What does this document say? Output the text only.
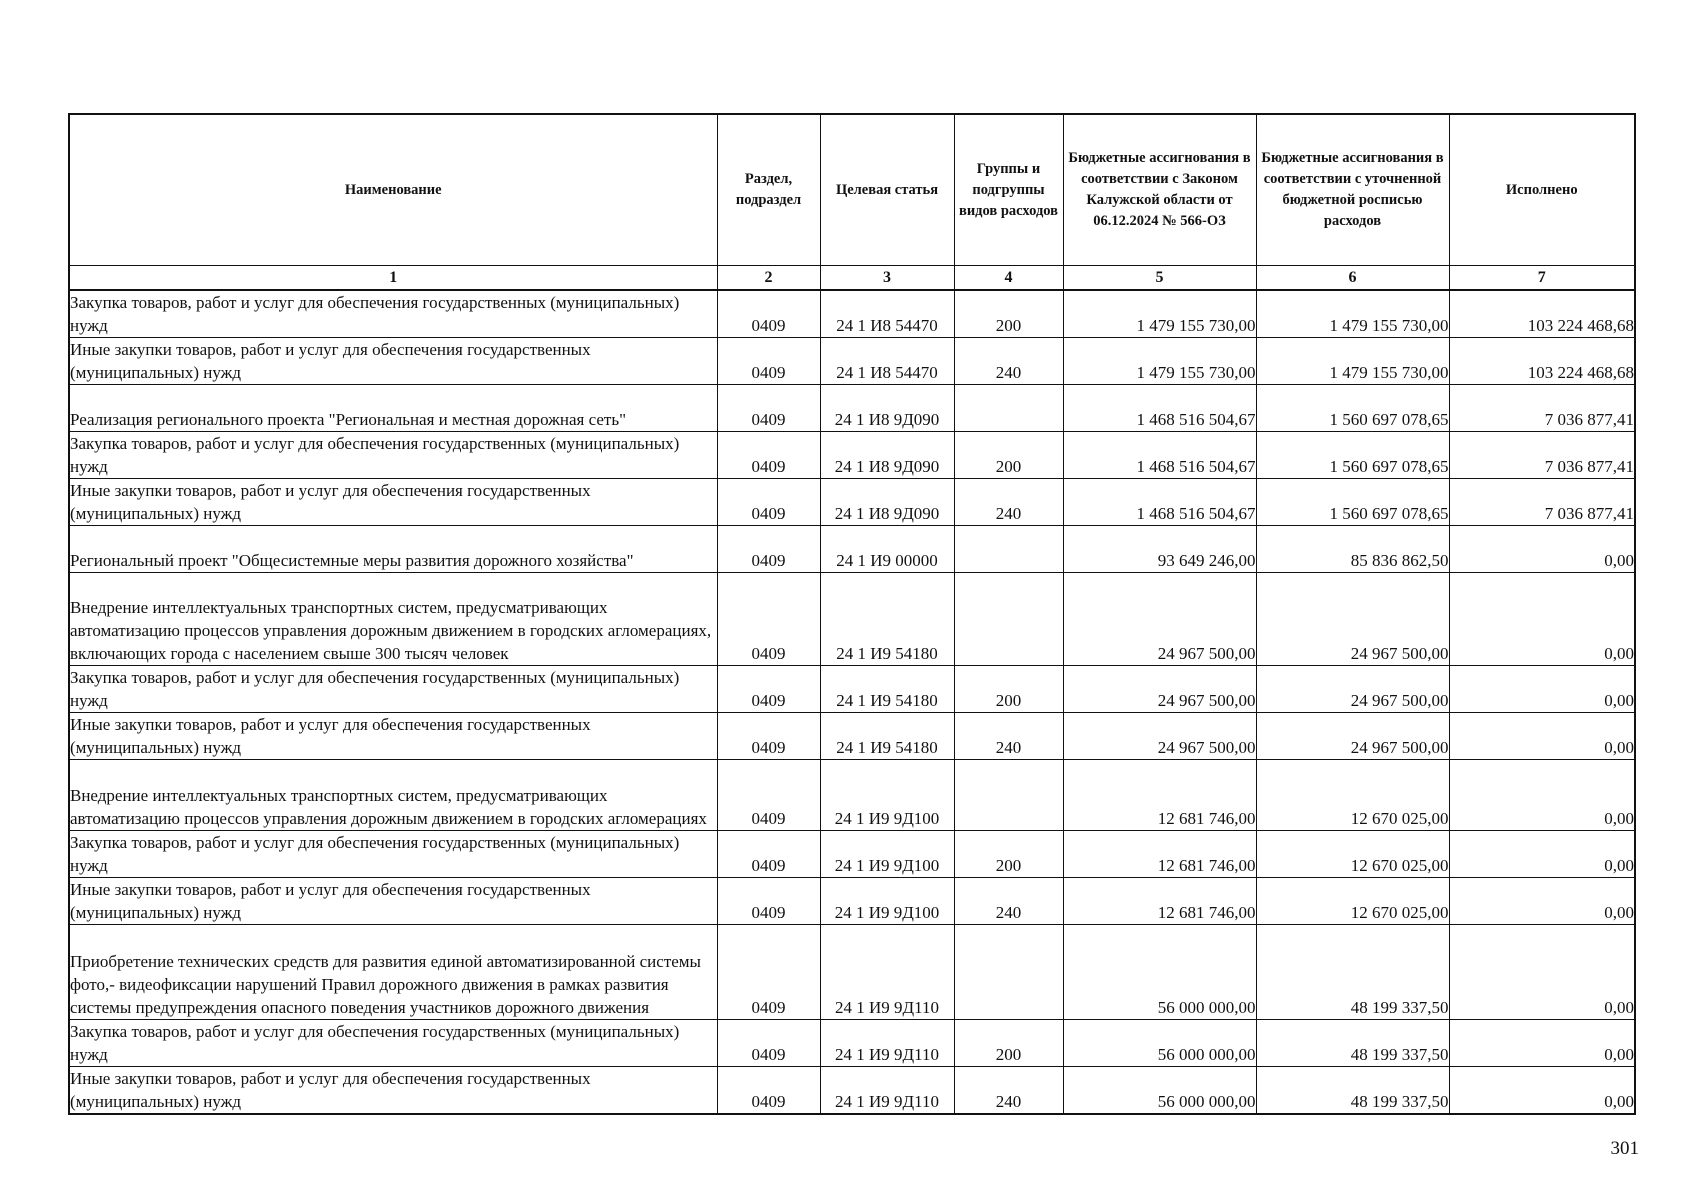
Наименование	Раздел, подраздел	Целевая статья	Группы и подгруппы видов расходов	Бюджетные ассигнования в соответствии с Законом Калужской области от 06.12.2024 № 566-ОЗ	Бюджетные ассигнования в соответствии с уточненной бюджетной росписью расходов	Исполнено
1	2	3	4	5	6	7
Закупка товаров, работ и услуг для обеспечения государственных (муниципальных) нужд	0409	24 1 И8 54470	200	1 479 155 730,00	1 479 155 730,00	103 224 468,68
Иные закупки товаров, работ и услуг для обеспечения государственных (муниципальных) нужд	0409	24 1 И8 54470	240	1 479 155 730,00	1 479 155 730,00	103 224 468,68
Реализация регионального проекта "Региональная и местная дорожная сеть"	0409	24 1 И8 9Д090		1 468 516 504,67	1 560 697 078,65	7 036 877,41
Закупка товаров, работ и услуг для обеспечения государственных (муниципальных) нужд	0409	24 1 И8 9Д090	200	1 468 516 504,67	1 560 697 078,65	7 036 877,41
Иные закупки товаров, работ и услуг для обеспечения государственных (муниципальных) нужд	0409	24 1 И8 9Д090	240	1 468 516 504,67	1 560 697 078,65	7 036 877,41
Региональный проект "Общесистемные меры развития дорожного хозяйства"	0409	24 1 И9 00000		93 649 246,00	85 836 862,50	0,00
Внедрение интеллектуальных транспортных систем, предусматривающих автоматизацию процессов управления дорожным движением в городских агломерациях, включающих города с населением свыше 300 тысяч человек	0409	24 1 И9 54180		24 967 500,00	24 967 500,00	0,00
Закупка товаров, работ и услуг для обеспечения государственных (муниципальных) нужд	0409	24 1 И9 54180	200	24 967 500,00	24 967 500,00	0,00
Иные закупки товаров, работ и услуг для обеспечения государственных (муниципальных) нужд	0409	24 1 И9 54180	240	24 967 500,00	24 967 500,00	0,00
Внедрение интеллектуальных транспортных систем, предусматривающих автоматизацию процессов управления дорожным движением в городских агломерациях	0409	24 1 И9 9Д100		12 681 746,00	12 670 025,00	0,00
Закупка товаров, работ и услуг для обеспечения государственных (муниципальных) нужд	0409	24 1 И9 9Д100	200	12 681 746,00	12 670 025,00	0,00
Иные закупки товаров, работ и услуг для обеспечения государственных (муниципальных) нужд	0409	24 1 И9 9Д100	240	12 681 746,00	12 670 025,00	0,00
Приобретение технических средств для развития единой автоматизированной системы фото,- видеофиксации нарушений Правил дорожного движения в рамках развития системы предупреждения опасного поведения участников дорожного движения	0409	24 1 И9 9Д110		56 000 000,00	48 199 337,50	0,00
Закупка товаров, работ и услуг для обеспечения государственных (муниципальных) нужд	0409	24 1 И9 9Д110	200	56 000 000,00	48 199 337,50	0,00
Иные закупки товаров, работ и услуг для обеспечения государственных (муниципальных) нужд	0409	24 1 И9 9Д110	240	56 000 000,00	48 199 337,50	0,00
301
